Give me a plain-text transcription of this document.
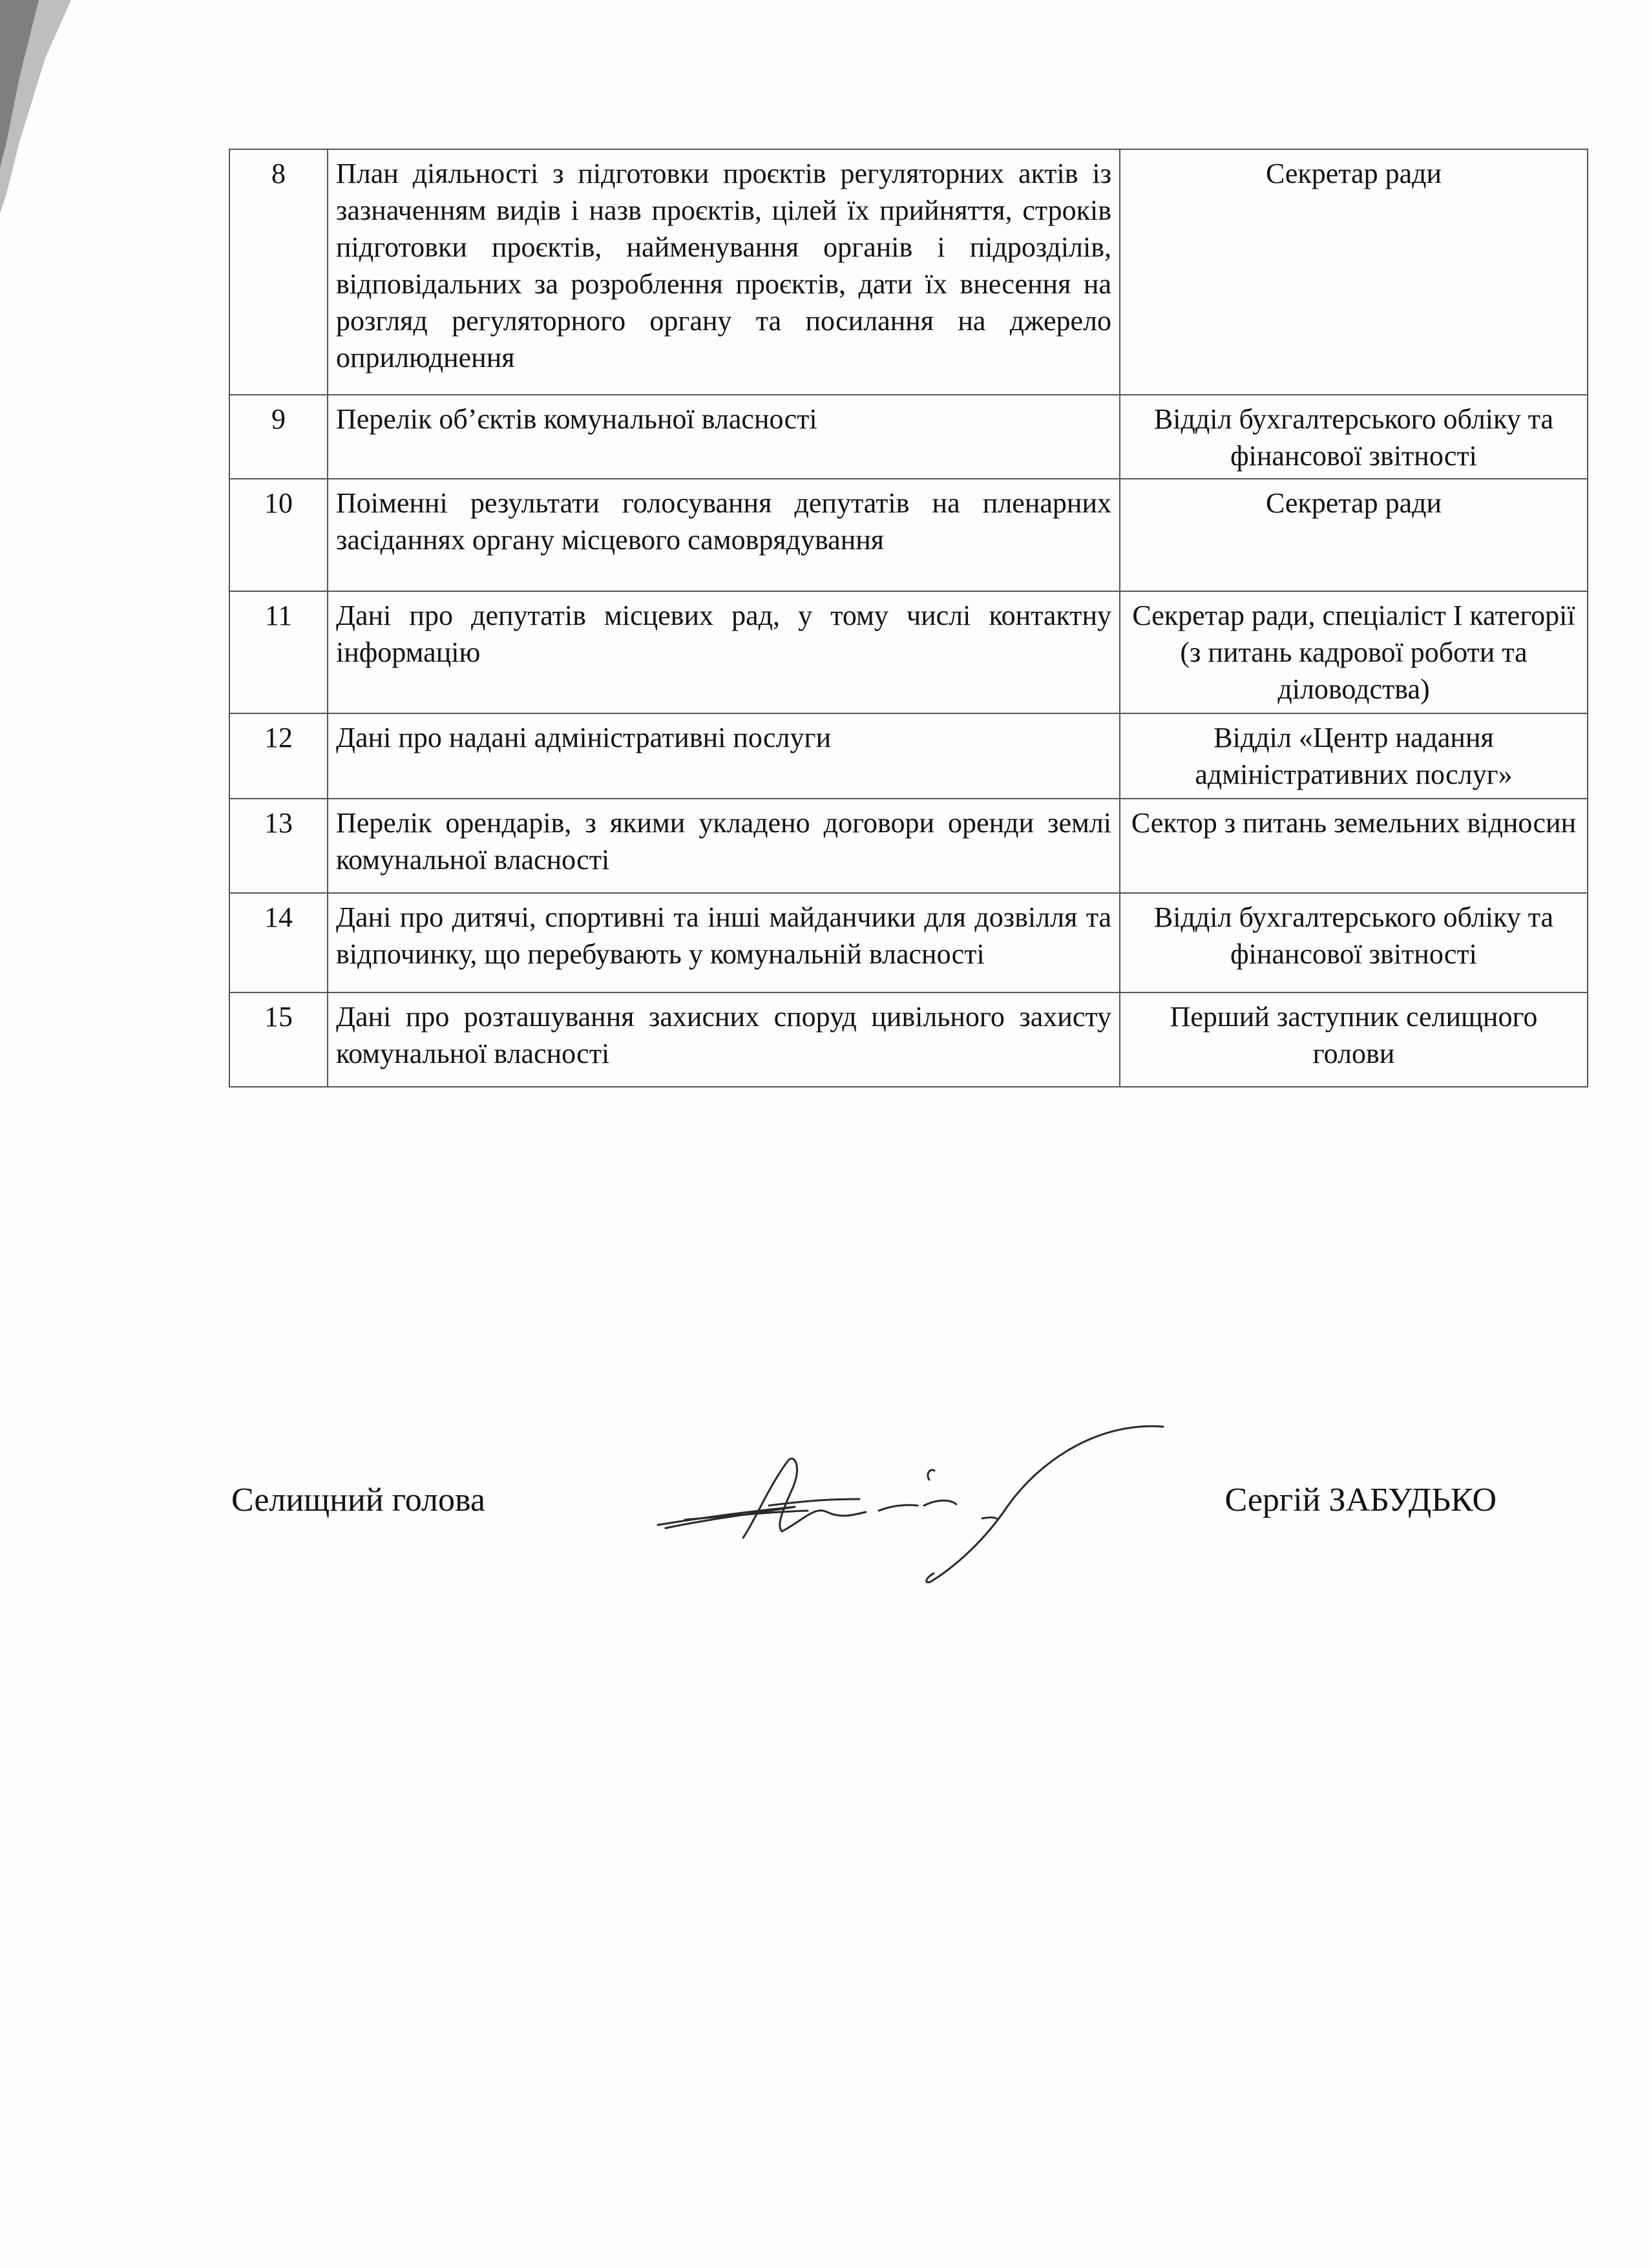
8	План діяльності з підготовки проєктів регуляторних актів із зазначенням видів і назв проєктів, цілей їх прийняття, строків підготовки проєктів, найменування органів і підрозділів, відповідальних за розроблення проєктів, дати їх внесення на розгляд регуляторного органу та посилання на джерело оприлюднення	Секретар ради
9	Перелік об’єктів комунальної власності	Відділ бухгалтерського обліку та фінансової звітності
10	Поіменні результати голосування депутатів на пленарних засіданнях органу місцевого самоврядування	Секретар ради
11	Дані про депутатів місцевих рад, у тому числі контактну інформацію	Секретар ради, спеціаліст І категорії (з питань кадрової роботи та діловодства)
12	Дані про надані адміністративні послуги	Відділ «Центр надання адміністративних послуг»
13	Перелік орендарів, з якими укладено договори оренди землі комунальної власності	Сектор з питань земельних відносин
14	Дані про дитячі, спортивні та інші майданчики для дозвілля та відпочинку, що перебувають у комунальній власності	Відділ бухгалтерського обліку та фінансової звітності
15	Дані про розташування захисних споруд цивільного захисту комунальної власності	Перший заступник селищного голови
Селищний голова	Сергій ЗАБУДЬКО
